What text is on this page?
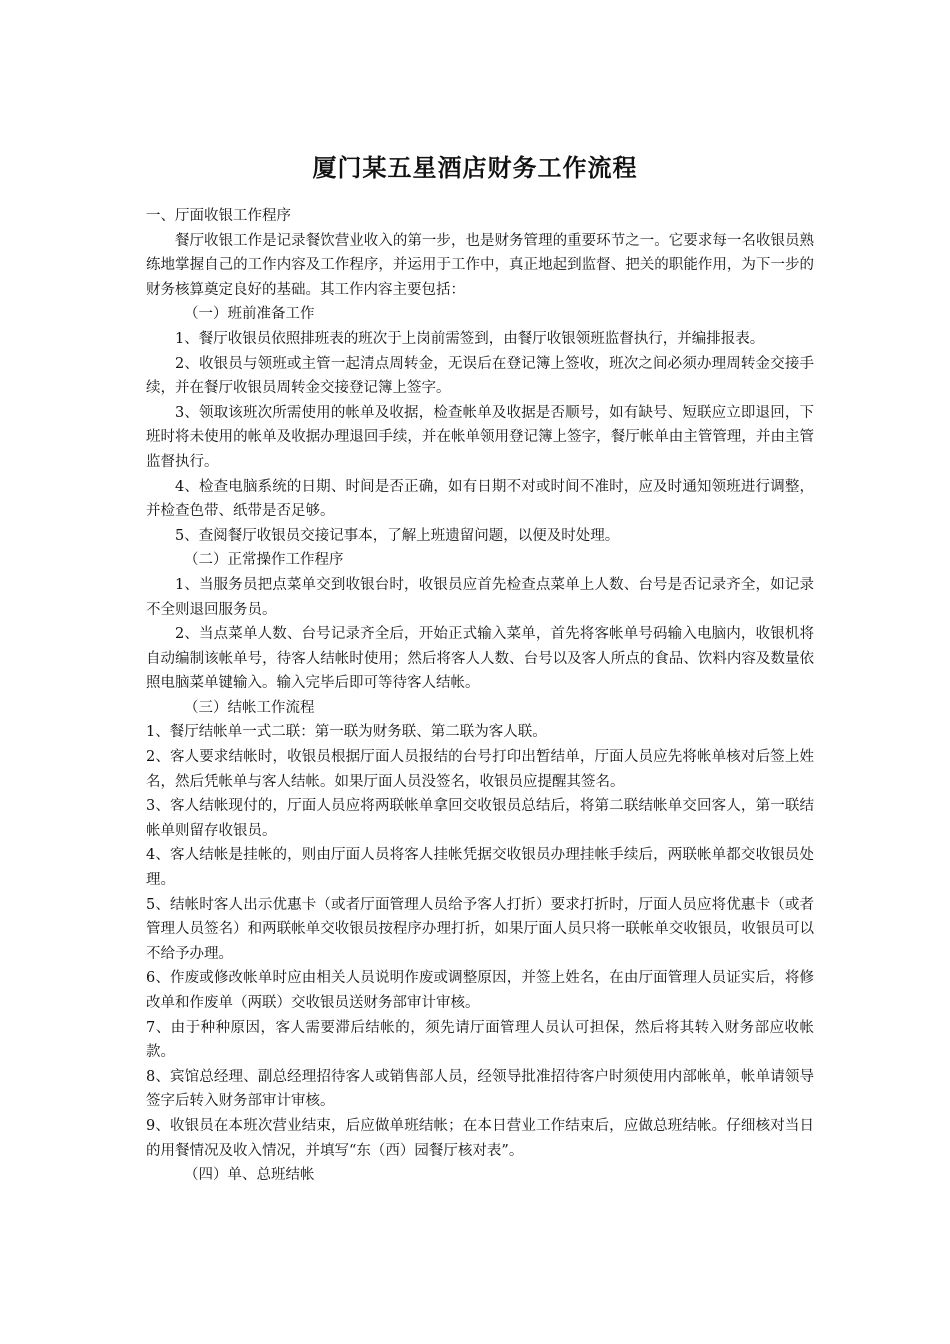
厦门某五星酒店财务工作流程

一、厅面收银工作程序

餐厅收银工作是记录餐饮营业收入的第一步，也是财务管理的重要环节之一。它要求每一名收银员熟练地掌握自己的工作内容及工作程序，并运用于工作中，真正地起到监督、把关的职能作用，为下一步的财务核算奠定良好的基础。其工作内容主要包括：

（一）班前准备工作

1、餐厅收银员依照排班表的班次于上岗前需签到，由餐厅收银领班监督执行，并编排报表。

2、收银员与领班或主管一起清点周转金，无误后在登记簿上签收，班次之间必须办理周转金交接手续，并在餐厅收银员周转金交接登记簿上签字。

3、领取该班次所需使用的帐单及收据，检查帐单及收据是否顺号，如有缺号、短联应立即退回，下班时将未使用的帐单及收据办理退回手续，并在帐单领用登记簿上签字，餐厅帐单由主管管理，并由主管监督执行。

4、检查电脑系统的日期、时间是否正确，如有日期不对或时间不准时，应及时通知领班进行调整，并检查色带、纸带是否足够。

5、查阅餐厅收银员交接记事本，了解上班遗留问题，以便及时处理。

（二）正常操作工作程序

1、当服务员把点菜单交到收银台时，收银员应首先检查点菜单上人数、台号是否记录齐全，如记录不全则退回服务员。

2、当点菜单人数、台号记录齐全后，开始正式输入菜单，首先将客帐单号码输入电脑内，收银机将自动编制该帐单号，待客人结帐时使用；然后将客人人数、台号以及客人所点的食品、饮料内容及数量依照电脑菜单键输入。输入完毕后即可等待客人结帐。

（三）结帐工作流程

1、餐厅结帐单一式二联：第一联为财务联、第二联为客人联。

2、客人要求结帐时，收银员根据厅面人员报结的台号打印出暂结单，厅面人员应先将帐单核对后签上姓名，然后凭帐单与客人结帐。如果厅面人员没签名，收银员应提醒其签名。

3、客人结帐现付的，厅面人员应将两联帐单拿回交收银员总结后，将第二联结帐单交回客人，第一联结帐单则留存收银员。

4、客人结帐是挂帐的，则由厅面人员将客人挂帐凭据交收银员办理挂帐手续后，两联帐单都交收银员处理。

5、结帐时客人出示优惠卡（或者厅面管理人员给予客人打折）要求打折时，厅面人员应将优惠卡（或者管理人员签名）和两联帐单交收银员按程序办理打折，如果厅面人员只将一联帐单交收银员，收银员可以不给予办理。

6、作废或修改帐单时应由相关人员说明作废或调整原因，并签上姓名，在由厅面管理人员证实后，将修改单和作废单（两联）交收银员送财务部审计审核。

7、由于种种原因，客人需要滞后结帐的，须先请厅面管理人员认可担保，然后将其转入财务部应收帐款。

8、宾馆总经理、副总经理招待客人或销售部人员，经领导批准招待客户时须使用内部帐单，帐单请领导签字后转入财务部审计审核。

9、收银员在本班次营业结束，后应做单班结帐；在本日营业工作结束后，应做总班结帐。仔细核对当日的用餐情况及收入情况，并填写“东（西）园餐厅核对表”。

（四）单、总班结帐
